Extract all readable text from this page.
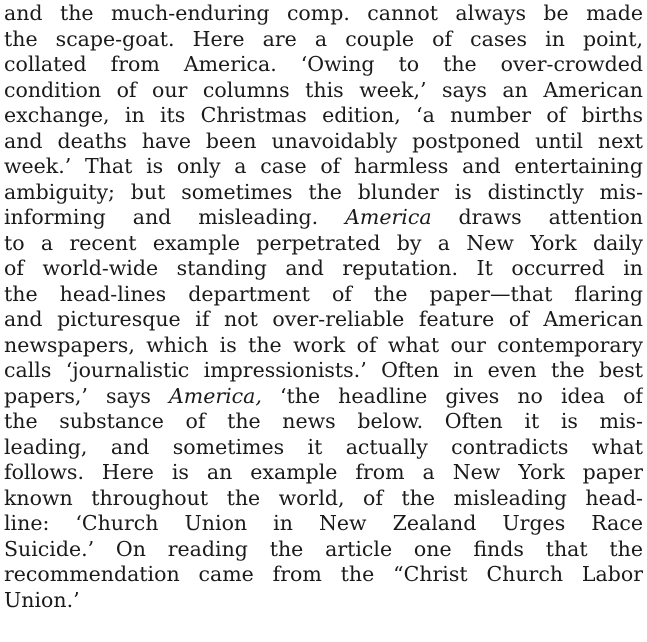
and the much-enduring comp. cannot always be made
the scape-goat. Here are a couple of cases in point,
collated from America. ‘Owing to the over-crowded
condition of our columns this week,’ says an American
exchange, in its Christmas edition, ‘a number of births
and deaths have been unavoidably postponed until next
week.’ That is only a case of harmless and entertaining
ambiguity; but sometimes the blunder is distinctly mis-
informing and misleading. America draws attention
to a recent example perpetrated by a New York daily
of world-wide standing and reputation. It occurred in
the head-lines department of the paper—that flaring
and picturesque if not over-reliable feature of American
newspapers, which is the work of what our contemporary
calls ‘journalistic impressionists.’ Often in even the best
papers,’ says America, ‘the headline gives no idea of
the substance of the news below. Often it is mis-
leading, and sometimes it actually contradicts what
follows. Here is an example from a New York paper
known throughout the world, of the misleading head-
line: ‘Church Union in New Zealand Urges Race
Suicide.’ On reading the article one finds that the
recommendation came from the “Christ Church Labor
Union.’
